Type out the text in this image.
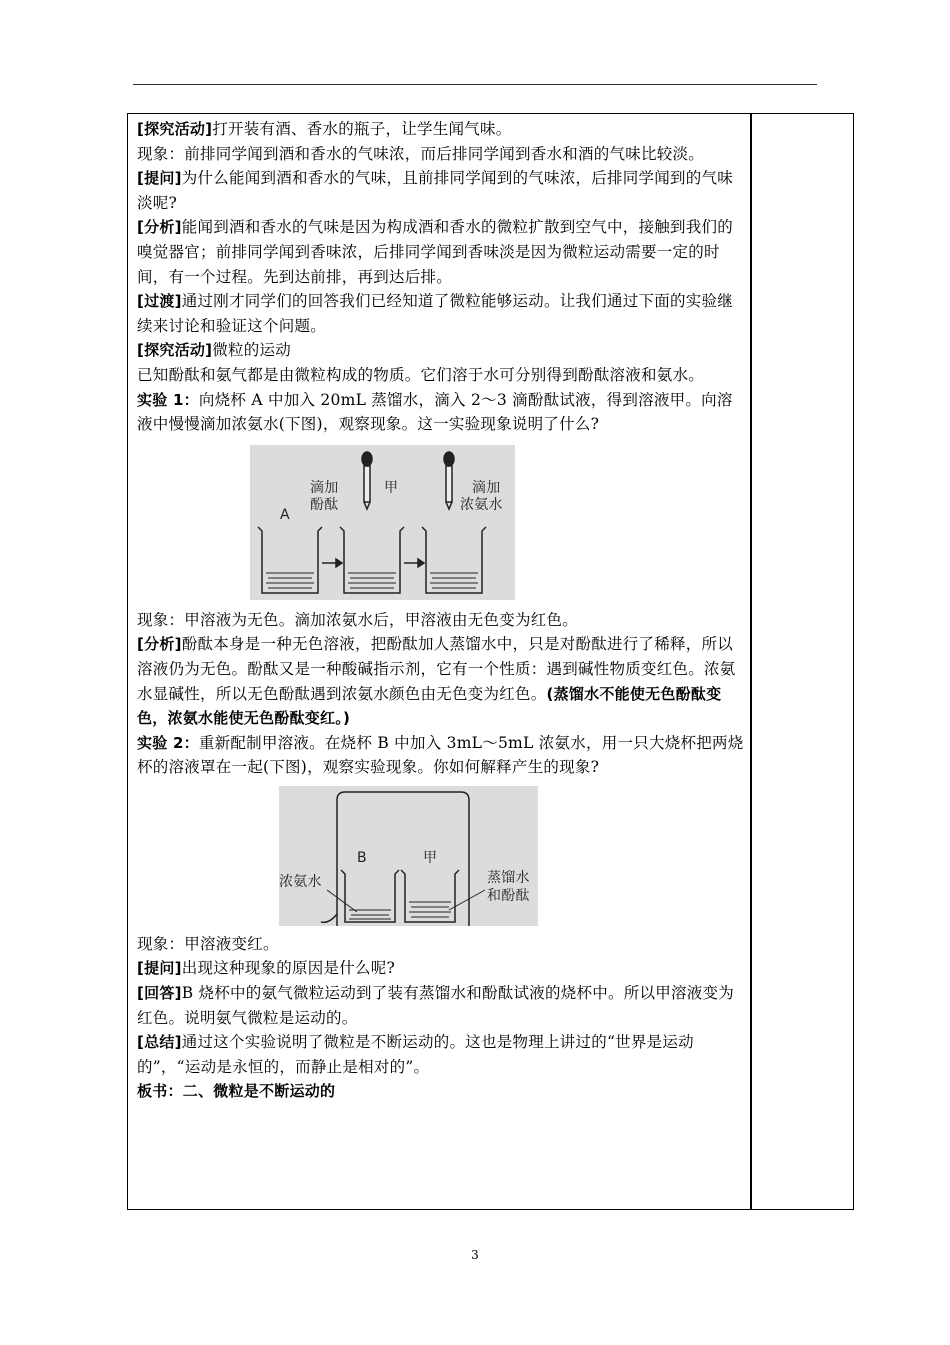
[探究活动]打开装有酒、香水的瓶子，让学生闻气味。

现象：前排同学闻到酒和香水的气味浓，而后排同学闻到香水和酒的气味比较淡。

[提问]为什么能闻到酒和香水的气味，且前排同学闻到的气味浓，后排同学闻到的气味淡呢?

[分析]能闻到酒和香水的气味是因为构成酒和香水的微粒扩散到空气中，接触到我们的嗅觉器官；前排同学闻到香味浓，后排同学闻到香味淡是因为微粒运动需要一定的时间，有一个过程。先到达前排，再到达后排。

[过渡]通过刚才同学们的回答我们已经知道了微粒能够运动。让我们通过下面的实验继续来讨论和验证这个问题。

[探究活动]微粒的运动

已知酚酞和氨气都是由微粒构成的物质。它们溶于水可分别得到酚酞溶液和氨水。

实验 1：向烧杯 A 中加入 20mL 蒸馏水，滴入 2～3 滴酚酞试液，得到溶液甲。向溶液中慢慢滴加浓氨水(下图)，观察现象。这一实验现象说明了什么?

滴加
酚酞
A
甲	滴加
浓氨水

现象：甲溶液为无色。滴加浓氨水后，甲溶液由无色变为红色。

[分析]酚酞本身是一种无色溶液，把酚酞加人蒸馏水中，只是对酚酞进行了稀释，所以溶液仍为无色。酚酞又是一种酸碱指示剂，它有一个性质：遇到碱性物质变红色。浓氨水显碱性，所以无色酚酞遇到浓氨水颜色由无色变为红色。(蒸馏水不能使无色酚酞变色，浓氨水能使无色酚酞变红。)

实验 2：重新配制甲溶液。在烧杯 B 中加入 3mL～5mL 浓氨水，用一只大烧杯把两烧杯的溶液罩在一起(下图)，观察实验现象。你如何解释产生的现象?

B	甲
浓氨水	蒸馏水
和酚酞

现象：甲溶液变红。

[提问]出现这种现象的原因是什么呢?

[回答]B 烧杯中的氨气微粒运动到了装有蒸馏水和酚酞试液的烧杯中。所以甲溶液变为红色。说明氨气微粒是运动的。

[总结]通过这个实验说明了微粒是不断运动的。这也是物理上讲过的“世界是运动的”，“运动是永恒的，而静止是相对的”。

板书：二、微粒是不断运动的

3
